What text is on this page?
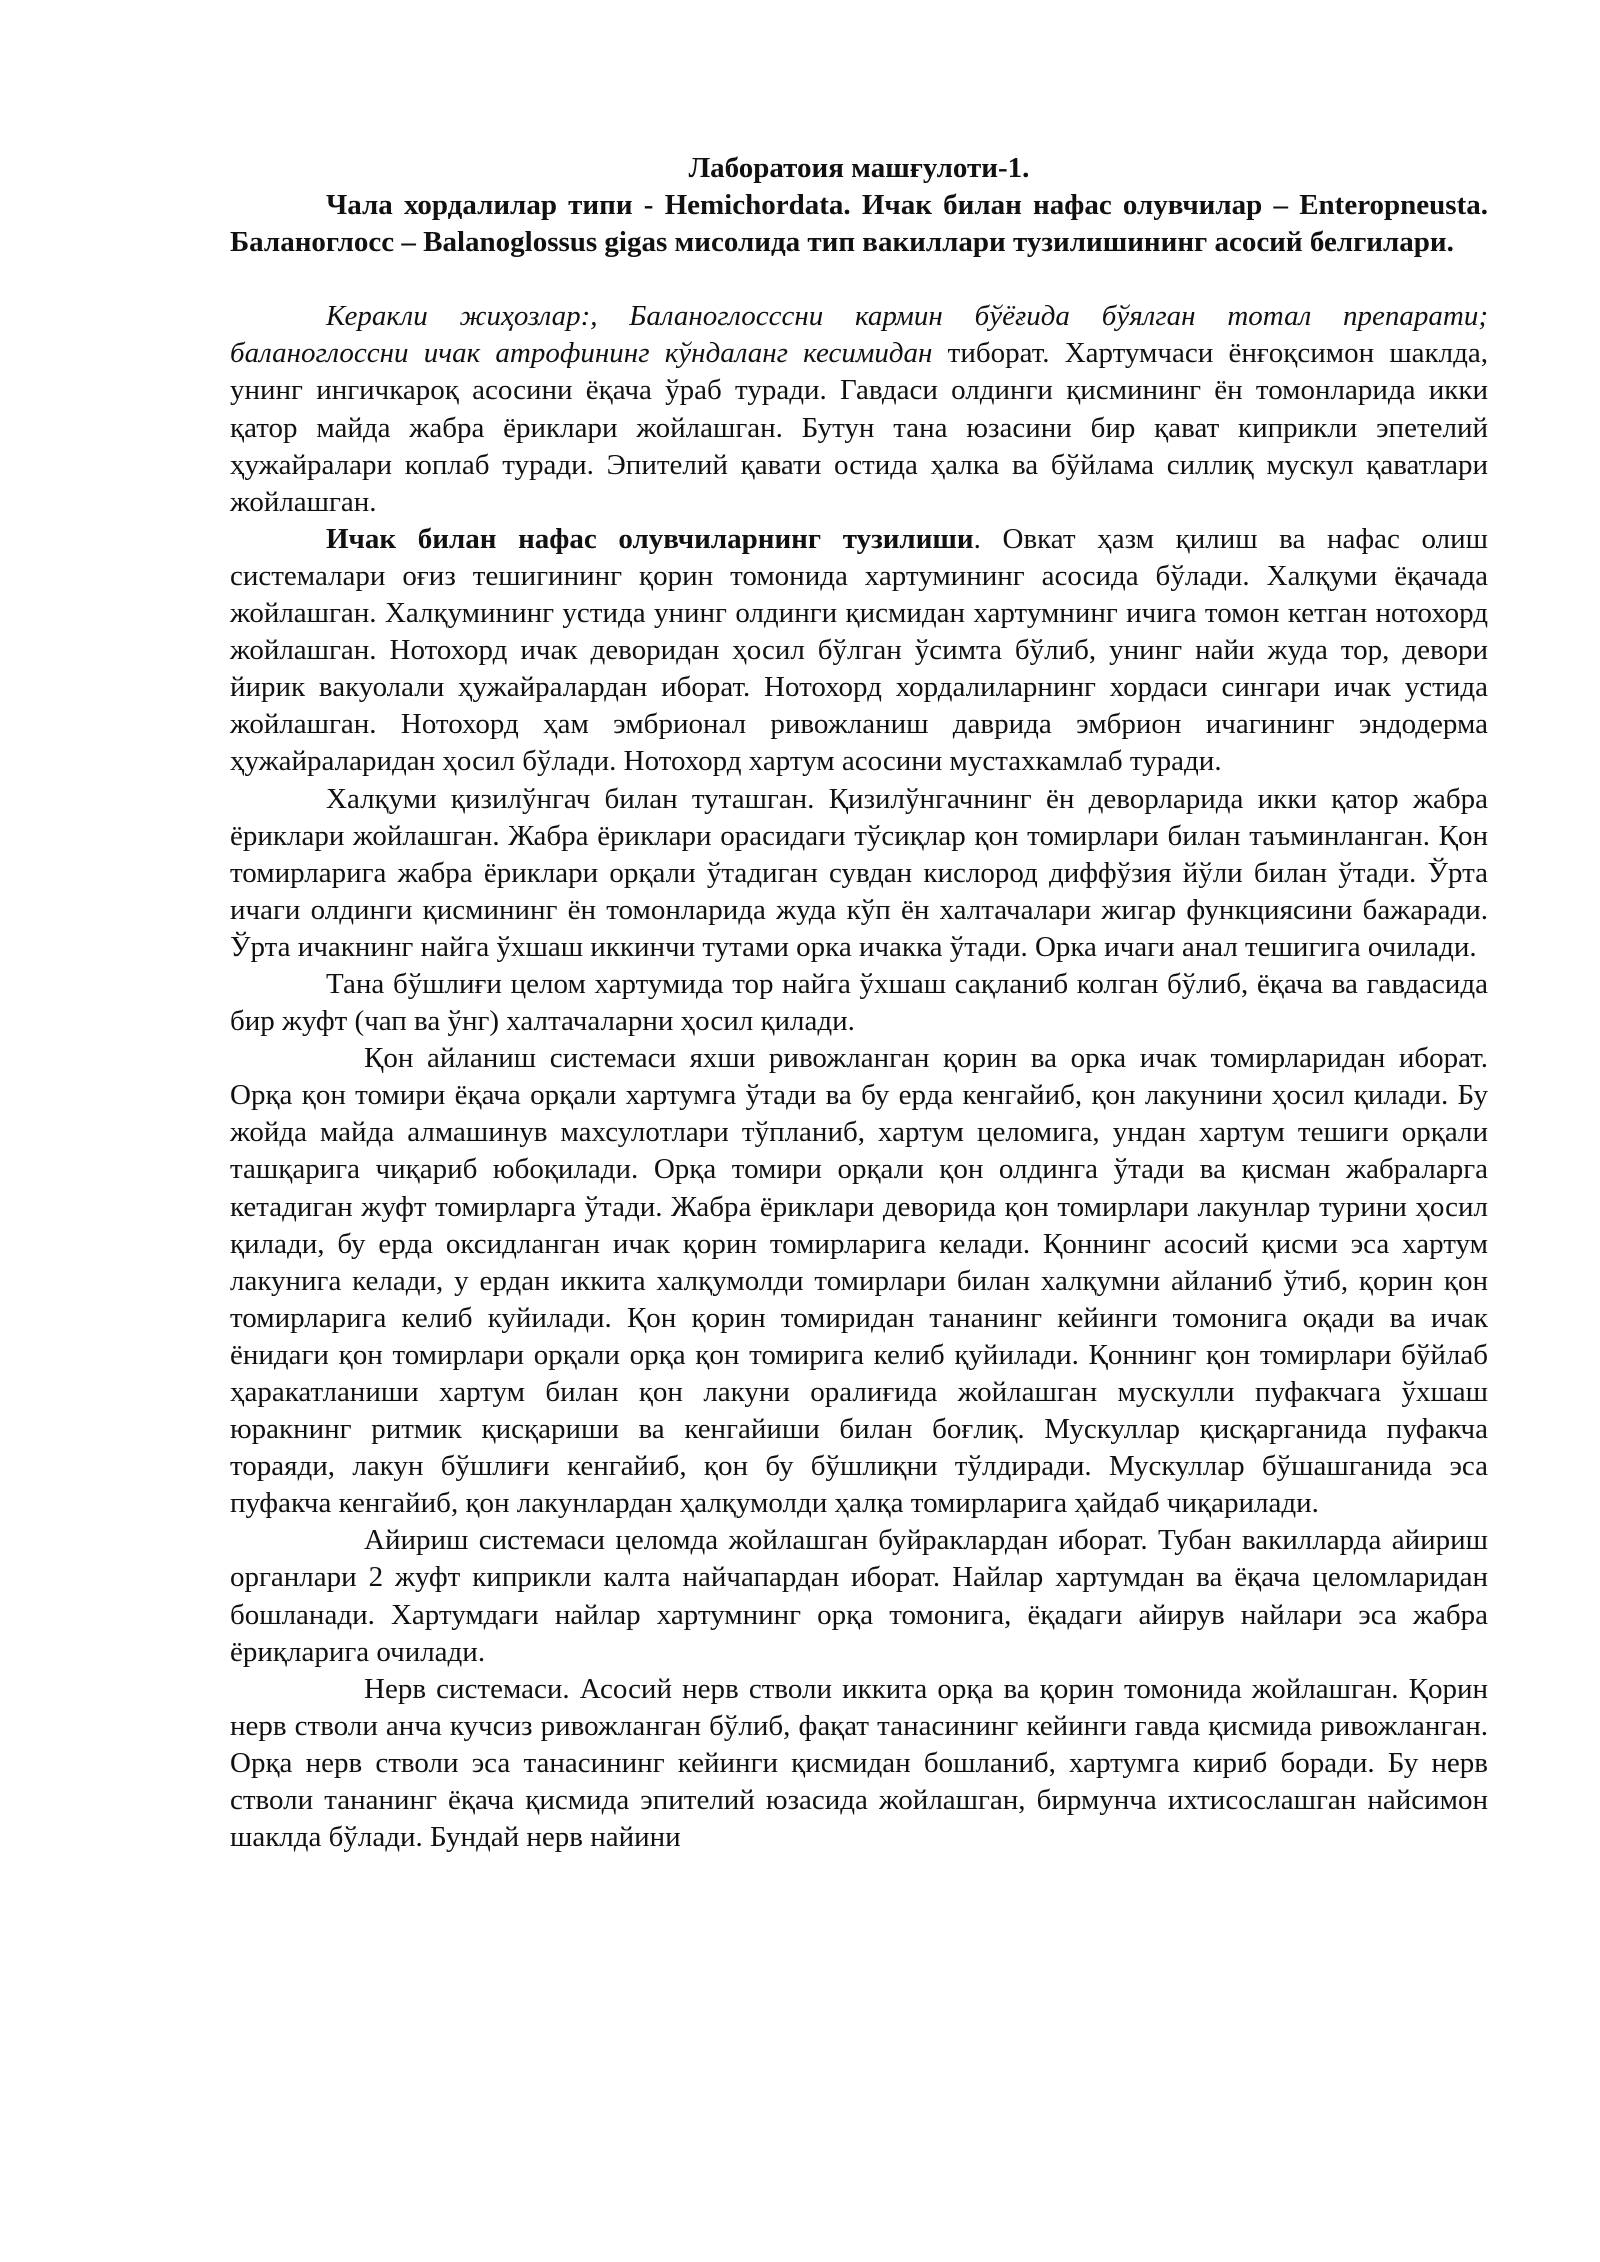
Лаборатоия машғулоти-1.
Чала хордалилар типи - Hemichordata. Ичак билан нафас олувчилар – Enteropneusta. Баланоглосс – Balanoglossus gigas мисолида тип вакиллари тузилишининг асосий белгилари.

Керакли жиҳозлар:, Баланоглосссни кармин бўёғида бўялган тотал препарати; баланоглоссни ичак атрофининг кўндаланг кесимидан тиборат. Хартумчаси ёнғоқсимон шаклда, унинг ингичкароқ асосини ёқача ўраб туради. Гавдаси олдинги қисмининг ён томонларида икки қатор майда жабра ёриклари жойлашган. Бутун тана юзасини бир қават киприкли эпетелий ҳужайралари коплаб туради. Эпителий қавати остида ҳалка ва бўйлама силлиқ мускул қаватлари жойлашган.

Ичак билан нафас олувчиларнинг тузилиши. Овкат ҳазм қилиш ва нафас олиш системалари оғиз тешигининг қорин томонида хартумининг асосида бўлади. Халқуми ёқачада жойлашган. Халқумининг устида унинг олдинги қисмидан хартумнинг ичига томон кетган нотохорд жойлашган. Нотохорд ичак деворидан ҳосил бўлган ўсимта бўлиб, унинг найи жуда тор, девори йирик вакуолали ҳужайралардан иборат. Нотохорд хордалиларнинг хордаси сингари ичак устида жойлашган. Нотохорд ҳам эмбрионал ривожланиш даврида эмбрион ичагининг эндодерма ҳужайраларидан ҳосил бўлади. Нотохорд хартум асосини мустахкамлаб туради.

Халқуми қизилўнгач билан туташган. Қизилўнгачнинг ён деворларида икки қатор жабра ёриклари жойлашган. Жабра ёриклари орасидаги тўсиқлар қон томирлари билан таъминланган. Қон томирларига жабра ёриклари орқали ўтадиган сувдан кислород диффўзия йўли билан ўтади. Ўрта ичаги олдинги қисмининг ён томонларида жуда кўп ён халтачалари жигар функциясини бажаради. Ўрта ичакнинг найга ўхшаш иккинчи тутами орка ичакка ўтади. Орка ичаги анал тешигига очилади.

Тана бўшлиғи целом хартумида тор найга ўхшаш сақланиб колган бўлиб, ёқача ва гавдасида бир жуфт (чап ва ўнг) халтачаларни ҳосил қилади.

Қон айланиш системаси яхши ривожланган қорин ва орка ичак томирларидан иборат. Орқа қон томири ёқача орқали хартумга ўтади ва бу ерда кенгайиб, қон лакунини ҳосил қилади. Бу жойда майда алмашинув махсулотлари тўпланиб, хартум целомига, ундан хартум тешиги орқали ташқарига чиқариб юбоқилади. Орқа томири орқали қон олдинга ўтади ва қисман жабраларга кетадиган жуфт томирларга ўтади. Жабра ёриклари деворида қон томирлари лакунлар турини ҳосил қилади, бу ерда оксидланган ичак қорин томирларига келади. Қоннинг асосий қисми эса хартум лакунига келади, у ердан иккита халқумолди томирлари билан халқумни айланиб ўтиб, қорин қон томирларига келиб куйилади. Қон қорин томиридан тананинг кейинги томонига оқади ва ичак ёнидаги қон томирлари орқали орқа қон томирига келиб қуйилади. Қоннинг қон томирлари бўйлаб ҳаракатланиши хартум билан қон лакуни оралиғида жойлашган мускулли пуфакчага ўхшаш юракнинг ритмик қисқариши ва кенгайиши билан боғлиқ. Мускуллар қисқарганида пуфакча тораяди, лакун бўшлиғи кенгайиб, қон бу бўшлиқни тўлдиради. Мускуллар бўшашганида эса пуфакча кенгайиб, қон лакунлардан ҳалқумолди ҳалқа томирларига ҳайдаб чиқарилади.

Айириш системаси целомда жойлашган буйраклардан иборат. Тубан вакилларда айириш органлари 2 жуфт киприкли калта найчапардан иборат. Найлар хартумдан ва ёқача целомларидан бошланади. Хартумдаги найлар хартумнинг орқа томонига, ёқадаги айирув найлари эса жабра ёриқларига очилади.

Нерв системаси. Асосий нерв стволи иккита орқа ва қорин томонида жойлашган. Қорин нерв стволи анча кучсиз ривожланган бўлиб, фақат танасининг кейинги гавда қисмида ривожланган. Орқа нерв стволи эса танасининг кейинги қисмидан бошланиб, хартумга кириб боради. Бу нерв стволи тананинг ёқача қисмида эпителий юзасида жойлашган, бирмунча ихтисослашган найсимон шаклда бўлади. Бундай нерв найини
